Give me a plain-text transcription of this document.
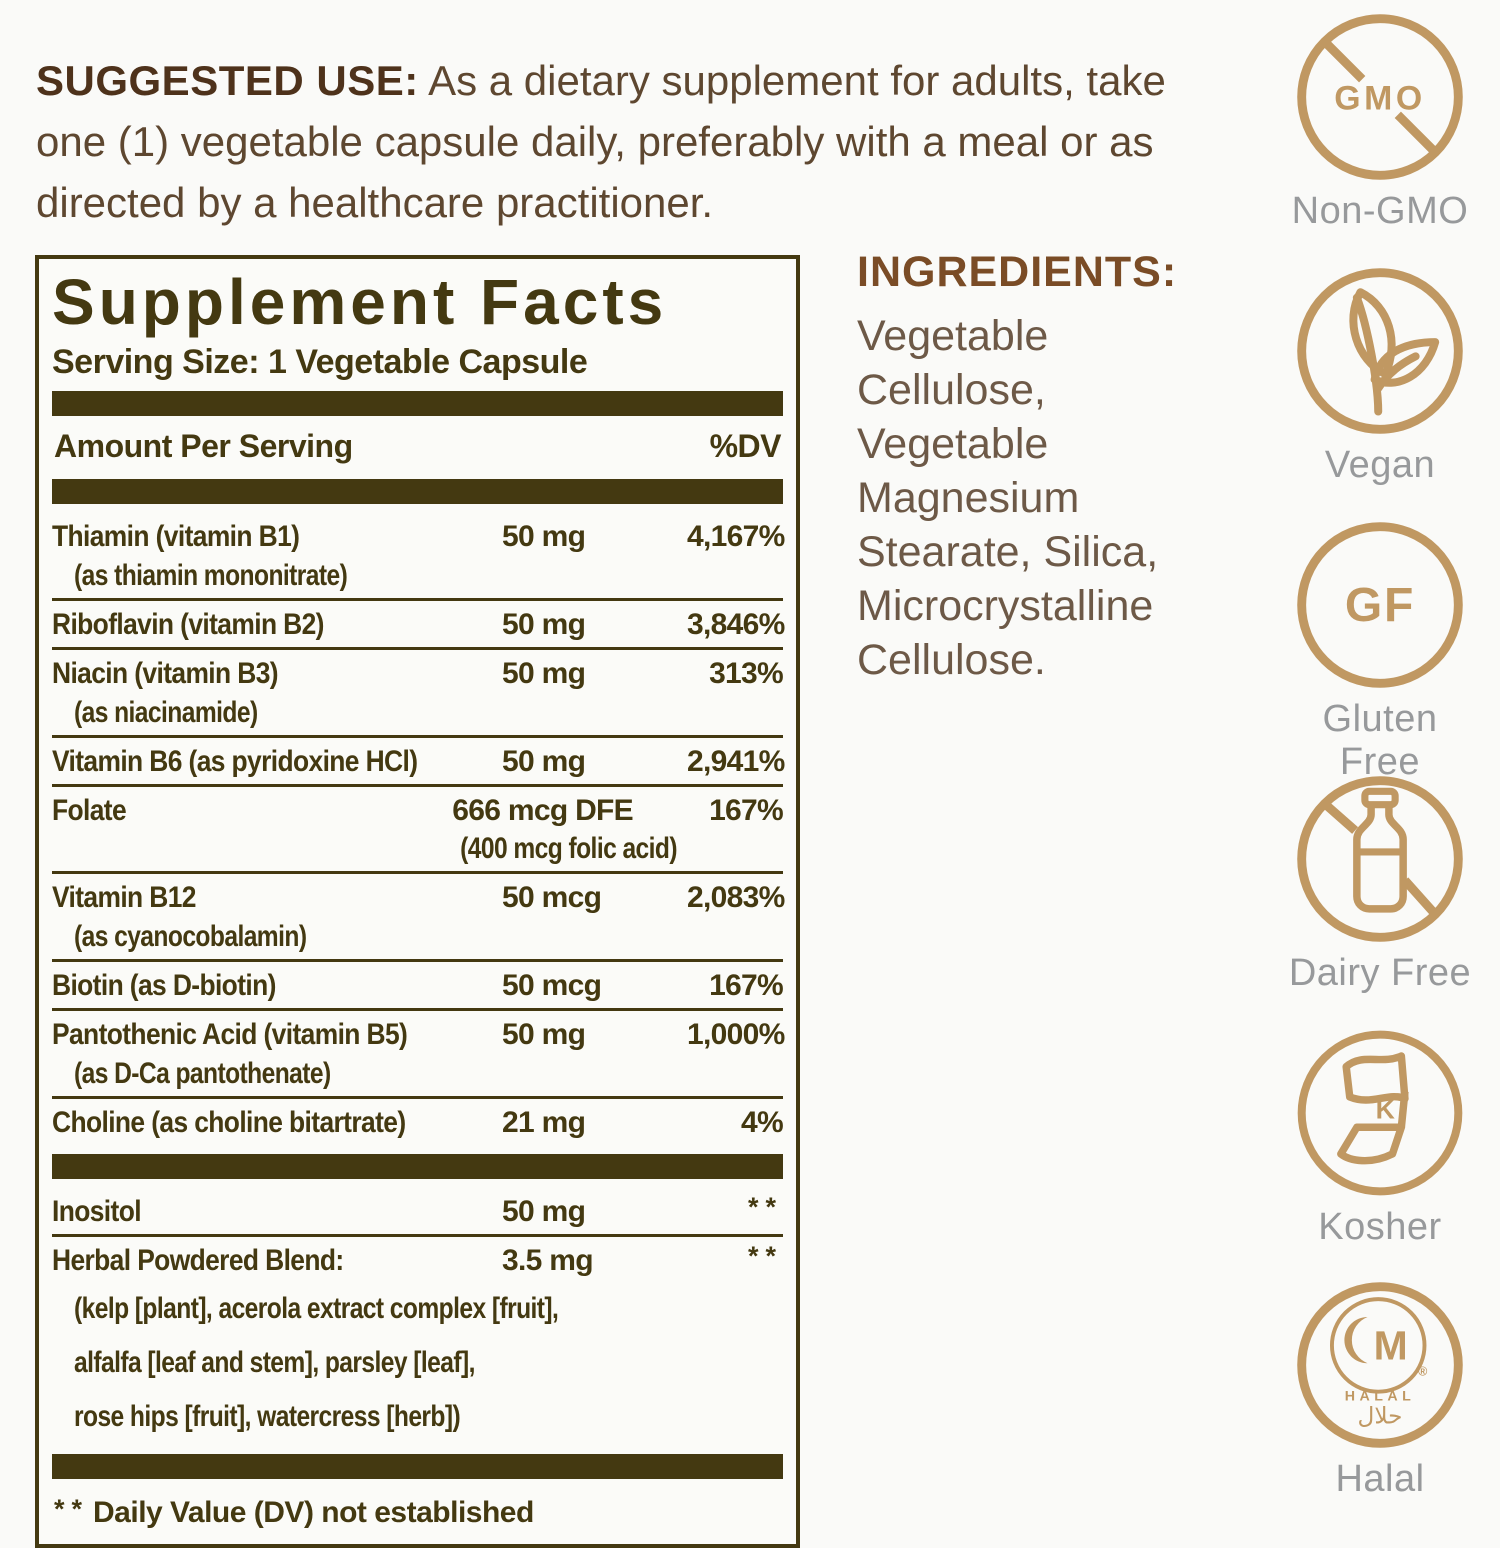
SUGGESTED USE: As a dietary supplement for adults, take one (1) vegetable capsule daily, preferably with a meal or as directed by a healthcare practitioner.

Supplement Facts
Serving Size: 1 Vegetable Capsule
Amount Per Serving	%DV
Thiamin (vitamin B1)	50 mg	4,167%
(as thiamin mononitrate)
Riboflavin (vitamin B2)	50 mg	3,846%
Niacin (vitamin B3)	50 mg	313%
(as niacinamide)
Vitamin B6 (as pyridoxine HCl)	50 mg	2,941%
Folate	666 mcg DFE	167%
(400 mcg folic acid)
Vitamin B12	50 mcg	2,083%
(as cyanocobalamin)
Biotin (as D-biotin)	50 mcg	167%
Pantothenic Acid (vitamin B5)	50 mg	1,000%
(as D-Ca pantothenate)
Choline (as choline bitartrate)	21 mg	4%
Inositol	50 mg	**
Herbal Powdered Blend:	3.5 mg	**
(kelp [plant], acerola extract complex [fruit],
alfalfa [leaf and stem], parsley [leaf],
rose hips [fruit], watercress [herb])
** Daily Value (DV) not established
INGREDIENTS:
Vegetable
Cellulose,
Vegetable
Magnesium
Stearate, Silica,
Microcrystalline
Cellulose.
GMO
Non-GMO
Vegan
GF
Gluten Free
Dairy Free
K
Kosher
M
®
HALAL
حلال
Halal
